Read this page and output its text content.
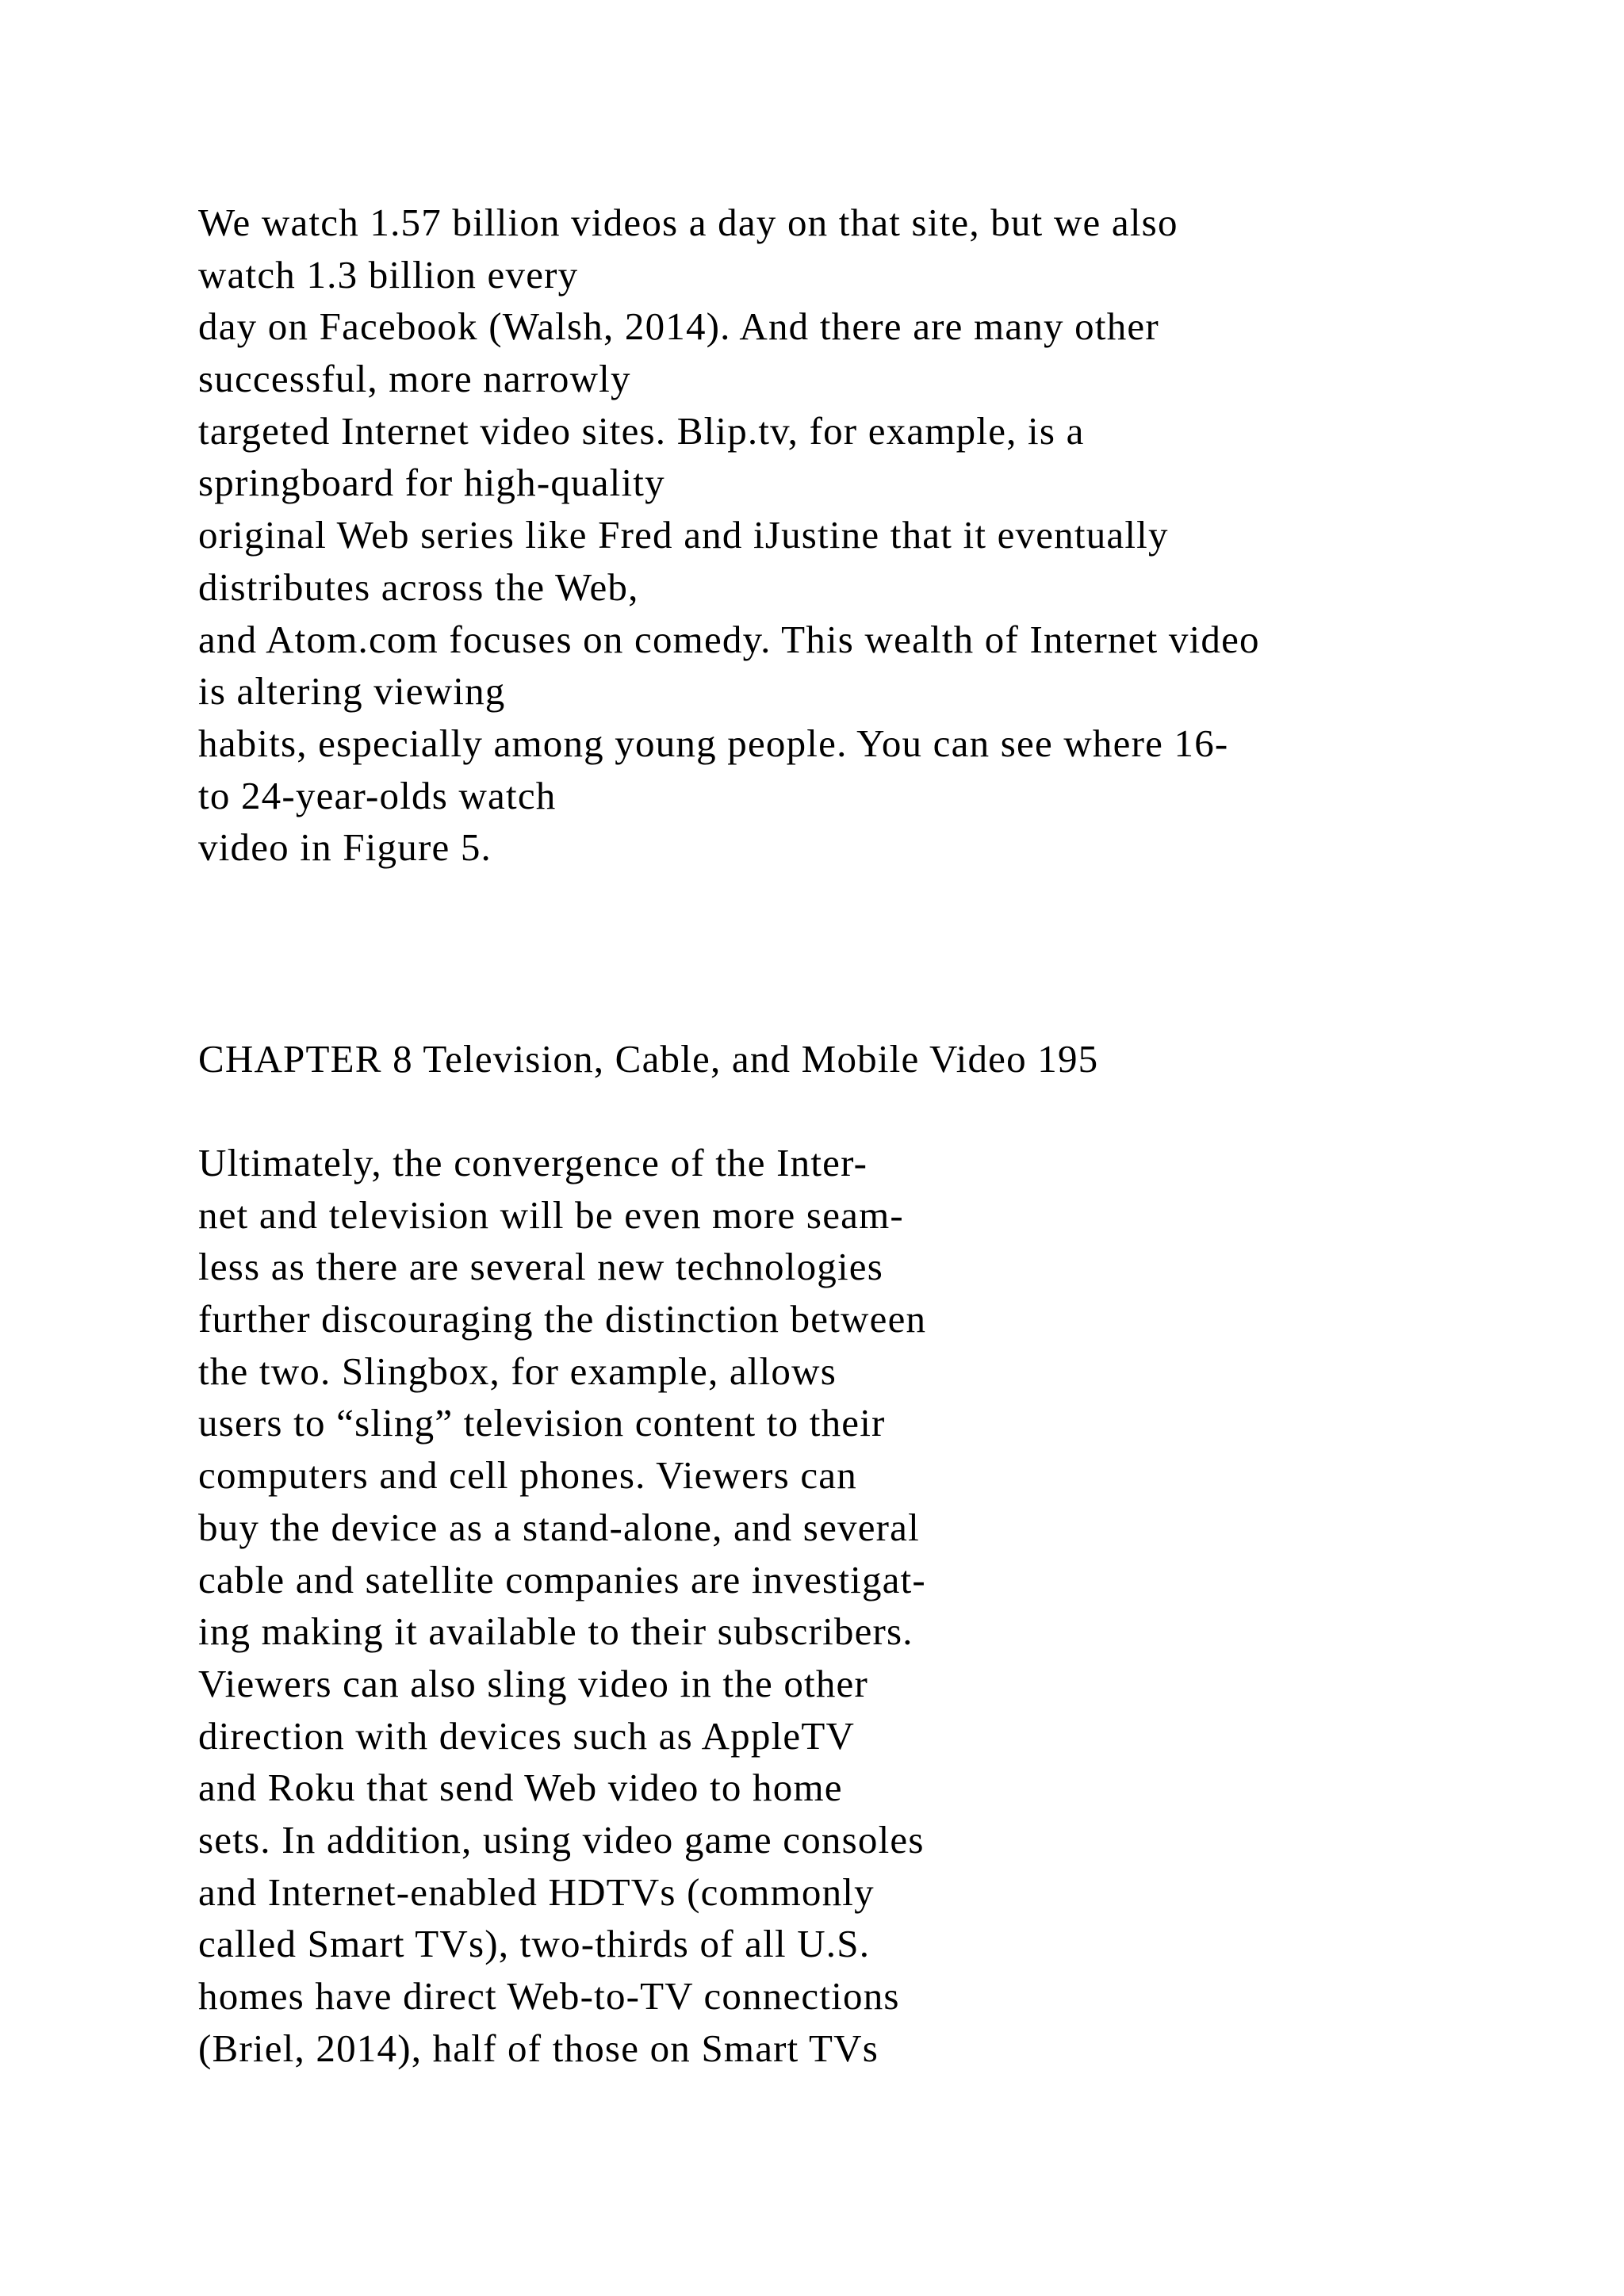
We watch 1.57 billion videos a day on that site, but we also
watch 1.3 billion every
day on Facebook (Walsh, 2014). And there are many other
successful, more narrowly
targeted Internet video sites. Blip.tv, for example, is a
springboard for high-quality
original Web series like Fred and iJustine that it eventually
distributes across the Web,
and Atom.com focuses on comedy. This wealth of Internet video
is altering viewing
habits, especially among young people. You can see where 16-
to 24-year-olds watch
video in Figure 5.
CHAPTER 8 Television, Cable, and Mobile Video 195
Ultimately, the convergence of the Inter-
net and television will be even more seam-
less as there are several new technologies
further discouraging the distinction between
the two. Slingbox, for example, allows
users to “sling” television content to their
computers and cell phones. Viewers can
buy the device as a stand-alone, and several
cable and satellite companies are investigat-
ing making it available to their subscribers.
Viewers can also sling video in the other
direction with devices such as AppleTV
and Roku that send Web video to home
sets. In addition, using video game consoles
and Internet-enabled HDTVs (commonly
called Smart TVs), two-thirds of all U.S.
homes have direct Web-to-TV connections
(Briel, 2014), half of those on Smart TVs
